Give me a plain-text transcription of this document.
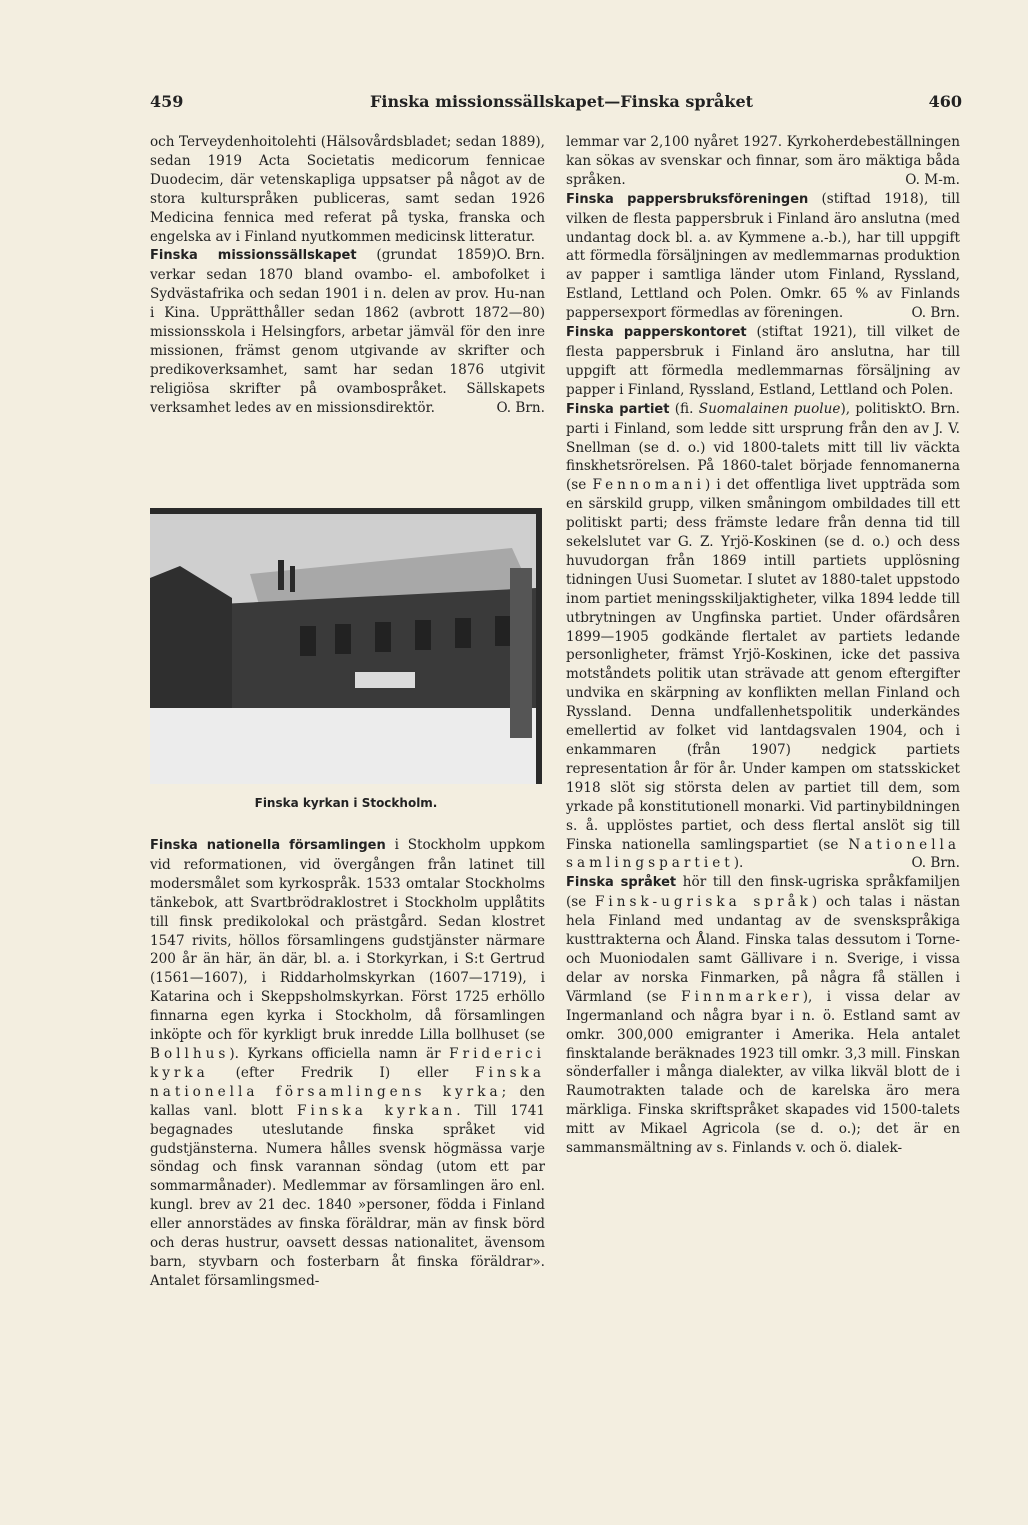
459	Finska missionssällskapet—Finska språket	460

och Terveydenhoitolehti (Hälsovårdsbladet; sedan 1889), sedan 1919 Acta Societatis medicorum fennicae Duodecim, där vetenskapliga uppsatser på något av de stora kulturspråken publiceras, samt sedan 1926 Medicina fennica med referat på tyska, franska och engelska av i Finland nyutkommen medicinsk litteratur.
O. Brn.

Finska missionssällskapet (grundat 1859) verkar sedan 1870 bland ovambo- el. ambofolket i Sydvästafrika och sedan 1901 i n. delen av prov. Hu-nan i Kina. Upprätthåller sedan 1862 (avbrott 1872—80) missionsskola i Helsingfors, arbetar jämväl för den inre missionen, främst genom utgivande av skrifter och predikoverksamhet, samt har sedan 1876 utgivit religiösa skrifter på ovambospråket. Sällskapets verksamhet ledes av en missionsdirektör.	O. Brn.

Finska kyrkan i Stockholm.

Finska nationella församlingen i Stockholm uppkom vid reformationen, vid övergången från latinet till modersmålet som kyrkospråk. 1533 omtalar Stockholms tänkebok, att Svartbrödraklostret i Stockholm upplåtits till finsk predikolokal och prästgård. Sedan klostret 1547 rivits, höllos församlingens gudstjänster närmare 200 år än här, än där, bl. a. i Storkyrkan, i S:t Gertrud (1561—1607), i Riddarholmskyrkan (1607—1719), i Katarina och i Skeppsholmskyrkan. Först 1725 erhöllo finnarna egen kyrka i Stockholm, då församlingen inköpte och för kyrkligt bruk inredde Lilla bollhuset (se Bollhus). Kyrkans officiella namn är Friderici kyrka (efter Fredrik I) eller Finska nationella församlingens kyrka; den kallas vanl. blott Finska kyrkan. Till 1741 begagnades uteslutande finska språket vid gudstjänsterna. Numera hålles svensk högmässa varje söndag och finsk varannan söndag (utom ett par sommarmånader). Medlemmar av församlingen äro enl. kungl. brev av 21 dec. 1840 »personer, födda i Finland eller annorstädes av finska föräldrar, män av finsk börd och deras hustrur, oavsett dessas nationalitet, ävensom barn, styvbarn och fosterbarn åt finska föräldrar». Antalet församlingsmed-

lemmar var 2,100 nyåret 1927. Kyrkoherdebeställningen kan sökas av svenskar och finnar, som äro mäktiga båda språken.	O. M-m.

Finska pappersbruksföreningen (stiftad 1918), till vilken de flesta pappersbruk i Finland äro anslutna (med undantag dock bl. a. av Kymmene a.-b.), har till uppgift att förmedla försäljningen av medlemmarnas produktion av papper i samtliga länder utom Finland, Ryssland, Estland, Lettland och Polen. Omkr. 65 % av Finlands pappersexport förmedlas av föreningen.	O. Brn.

Finska papperskontoret (stiftat 1921), till vilket de flesta pappersbruk i Finland äro anslutna, har till uppgift att förmedla medlemmarnas försäljning av papper i Finland, Ryssland, Estland, Lettland och Polen.
O. Brn.

Finska partiet (fi. Suomalainen puolue), politiskt parti i Finland, som ledde sitt ursprung från den av J. V. Snellman (se d. o.) vid 1800-talets mitt till liv väckta finskhetsrörelsen. På 1860-talet började fennomanerna (se Fennomani) i det offentliga livet uppträda som en särskild grupp, vilken småningom ombildades till ett politiskt parti; dess främste ledare från denna tid till sekelslutet var G. Z. Yrjö-Koskinen (se d. o.) och dess huvudorgan från 1869 intill partiets upplösning tidningen Uusi Suometar. I slutet av 1880-talet uppstodo inom partiet meningsskiljaktigheter, vilka 1894 ledde till utbrytningen av Ungfinska partiet. Under ofärdsåren 1899—1905 godkände flertalet av partiets ledande personligheter, främst Yrjö-Koskinen, icke det passiva motståndets politik utan strävade att genom eftergifter undvika en skärpning av konflikten mellan Finland och Ryssland. Denna undfallenhetspolitik underkändes emellertid av folket vid lantdagsvalen 1904, och i enkammaren (från 1907) nedgick partiets representation år för år. Under kampen om statsskicket 1918 slöt sig största delen av partiet till dem, som yrkade på konstitutionell monarki. Vid partinybildningen s. å. upplöstes partiet, och dess flertal anslöt sig till Finska nationella samlingspartiet (se Nationella samlingspartiet).	O. Brn.

Finska språket hör till den finsk-ugriska språkfamiljen (se Finsk-ugriska språk) och talas i nästan hela Finland med undantag av de svenskspråkiga kusttrakterna och Åland. Finska talas dessutom i Torne- och Muoniodalen samt Gällivare i n. Sverige, i vissa delar av norska Finmarken, på några få ställen i Värmland (se Finnmarker), i vissa delar av Ingermanland och några byar i n. ö. Estland samt av omkr. 300,000 emigranter i Amerika. Hela antalet finsktalande beräknades 1923 till omkr. 3,3 mill. Finskan sönderfaller i många dialekter, av vilka likväl blott de i Raumotrakten talade och de karelska äro mera märkliga. Finska skriftspråket skapades vid 1500-talets mitt av Mikael Agricola (se d. o.); det är en sammansmältning av s. Finlands v. och ö. dialek-
